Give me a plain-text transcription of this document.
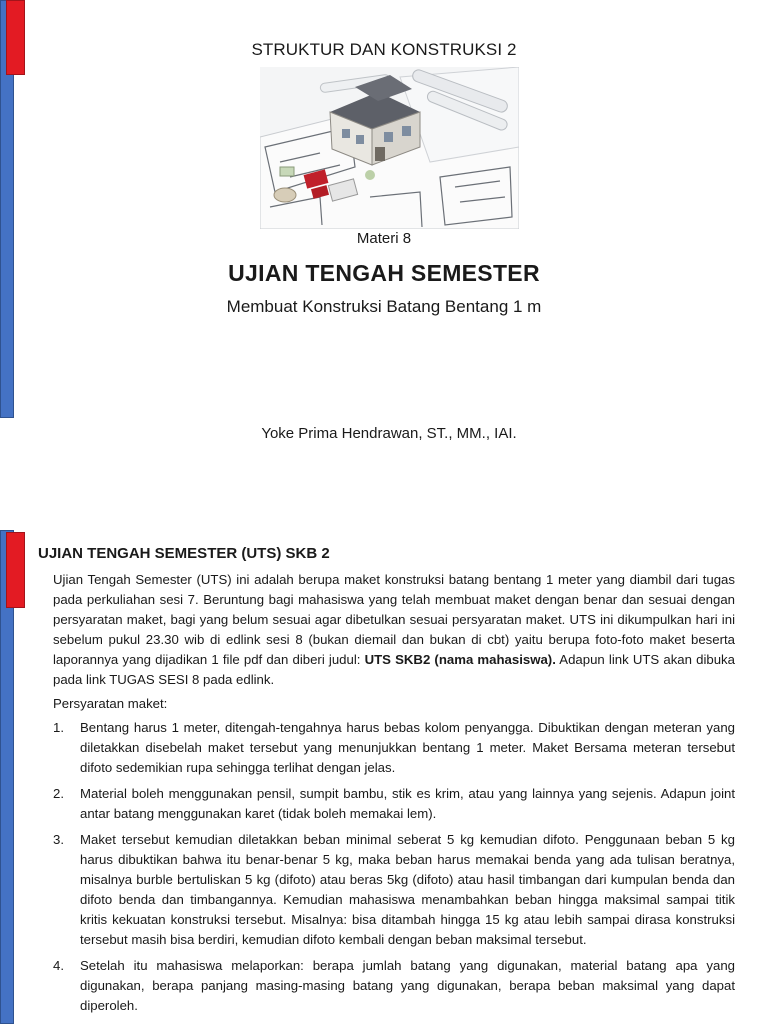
STRUKTUR DAN KONSTRUKSI 2
Materi 8
UJIAN TENGAH SEMESTER
Membuat Konstruksi Batang Bentang 1 m
Yoke Prima Hendrawan, ST., MM., IAI.
UJIAN TENGAH SEMESTER (UTS) SKB 2

Ujian Tengah Semester (UTS) ini adalah berupa maket konstruksi batang bentang 1 meter yang diambil dari tugas pada perkuliahan sesi 7. Beruntung bagi mahasiswa yang telah membuat maket dengan benar dan sesuai dengan persyaratan maket, bagi yang belum sesuai agar dibetulkan sesuai persyaratan maket. UTS ini dikumpulkan hari ini sebelum pukul 23.30 wib di edlink sesi 8 (bukan diemail dan bukan di cbt) yaitu berupa foto-foto maket beserta laporannya yang dijadikan 1 file pdf dan diberi judul: UTS SKB2 (nama mahasiswa). Adapun link UTS akan dibuka pada link TUGAS SESI 8 pada edlink.

Persyaratan maket:

1. Bentang harus 1 meter, ditengah-tengahnya harus bebas kolom penyangga. Dibuktikan dengan meteran yang diletakkan disebelah maket tersebut yang menunjukkan bentang 1 meter. Maket Bersama meteran tersebut difoto sedemikian rupa sehingga terlihat dengan jelas.
2. Material boleh menggunakan pensil, sumpit bambu, stik es krim, atau yang lainnya yang sejenis. Adapun joint antar batang menggunakan karet (tidak boleh memakai lem).
3. Maket tersebut kemudian diletakkan beban minimal seberat 5 kg kemudian difoto. Penggunaan beban 5 kg harus dibuktikan bahwa itu benar-benar 5 kg, maka beban harus memakai benda yang ada tulisan beratnya, misalnya burble bertuliskan 5 kg (difoto) atau beras 5kg (difoto) atau hasil timbangan dari kumpulan benda dan difoto benda dan timbangannya. Kemudian mahasiswa menambahkan beban hingga maksimal sampai titik kritis kekuatan konstruksi tersebut. Misalnya: bisa ditambah hingga 15 kg atau lebih sampai dirasa konstruksi tersebut masih bisa berdiri, kemudian difoto kembali dengan beban maksimal tersebut.
4. Setelah itu mahasiswa melaporkan: berapa jumlah batang yang digunakan, material batang apa yang digunakan, berapa panjang masing-masing batang yang digunakan, berapa beban maksimal yang dapat diperoleh.
